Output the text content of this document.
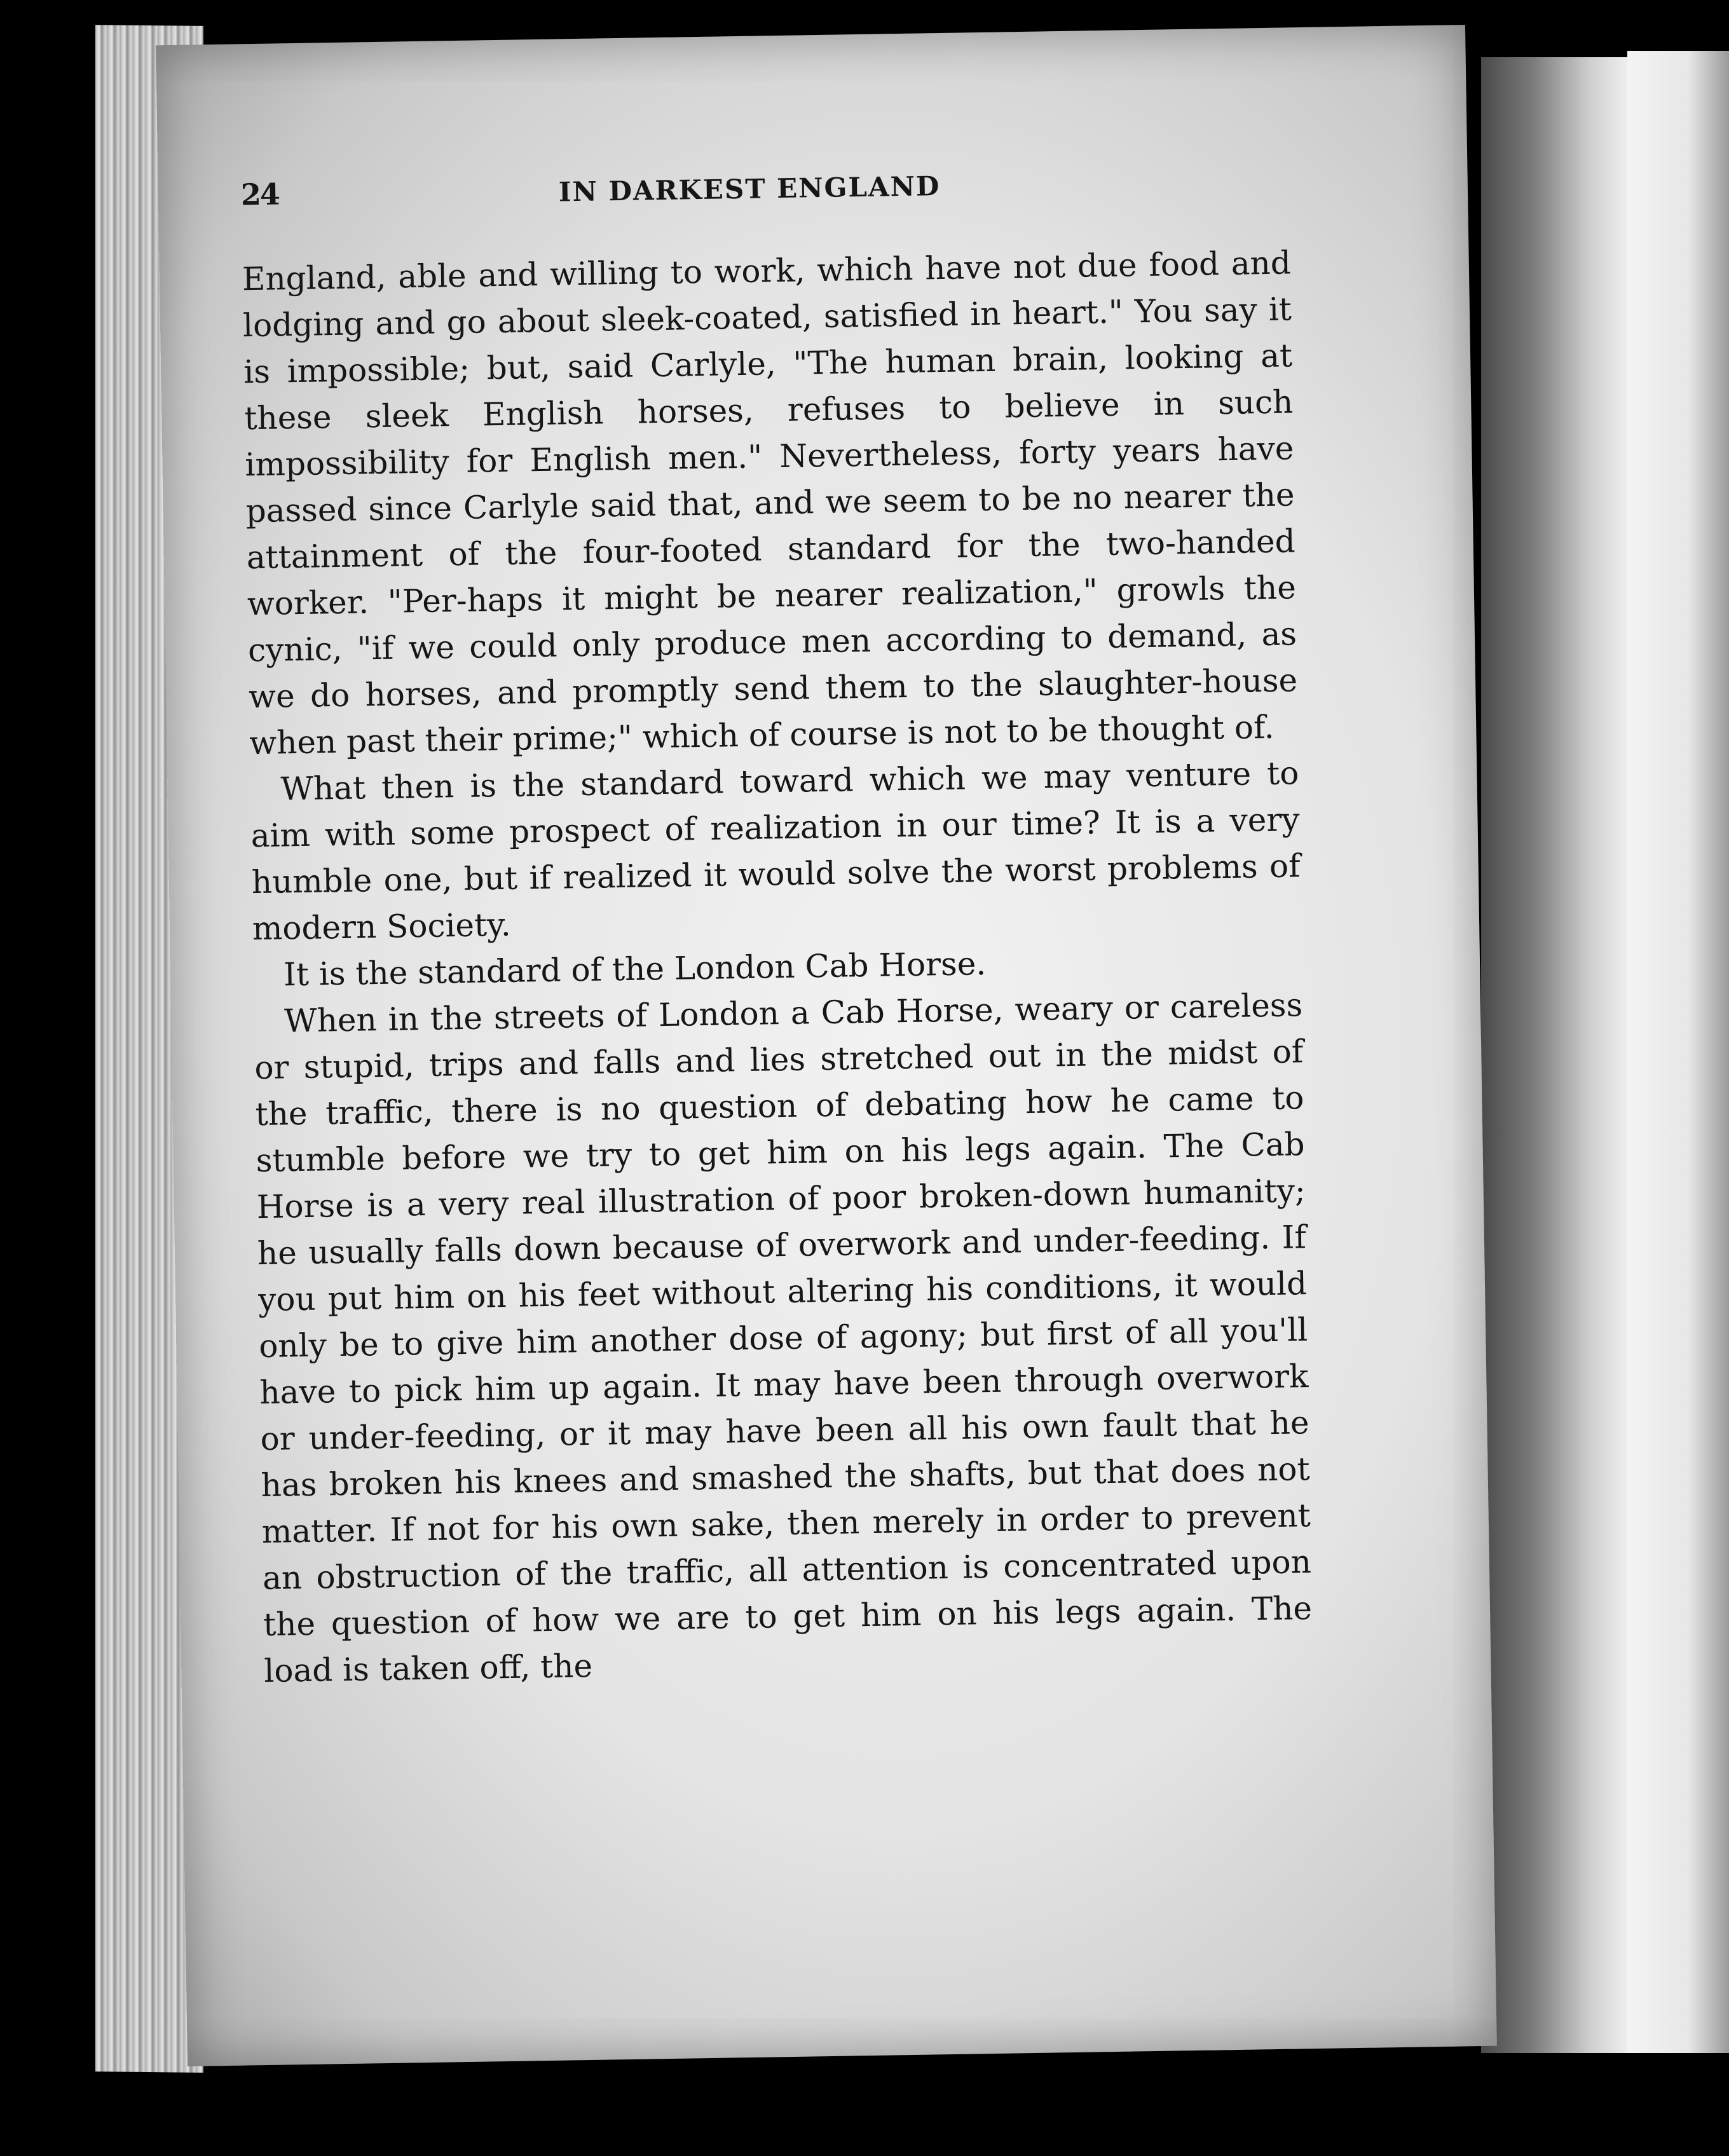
24	IN DARKEST ENGLAND

England, able and willing to work, which have not due food and lodging and go about sleek-coated, satisfied in heart." You say it is impossible; but, said Carlyle, "The human brain, looking at these sleek English horses, refuses to believe in such impossibility for English men." Nevertheless, forty years have passed since Carlyle said that, and we seem to be no nearer the attainment of the four-footed standard for the two-handed worker. "Per-haps it might be nearer realization," growls the cynic, "if we could only produce men according to demand, as we do horses, and promptly send them to the slaughter-house when past their prime;" which of course is not to be thought of.

What then is the standard toward which we may venture to aim with some prospect of realization in our time? It is a very humble one, but if realized it would solve the worst problems of modern Society.

It is the standard of the London Cab Horse.

When in the streets of London a Cab Horse, weary or careless or stupid, trips and falls and lies stretched out in the midst of the traffic, there is no question of debating how he came to stumble before we try to get him on his legs again. The Cab Horse is a very real illustration of poor broken-down humanity; he usually falls down because of overwork and under-feeding. If you put him on his feet without altering his conditions, it would only be to give him another dose of agony; but first of all you'll have to pick him up again. It may have been through overwork or under-feeding, or it may have been all his own fault that he has broken his knees and smashed the shafts, but that does not matter. If not for his own sake, then merely in order to prevent an obstruction of the traffic, all attention is concentrated upon the question of how we are to get him on his legs again. The load is taken off, the
